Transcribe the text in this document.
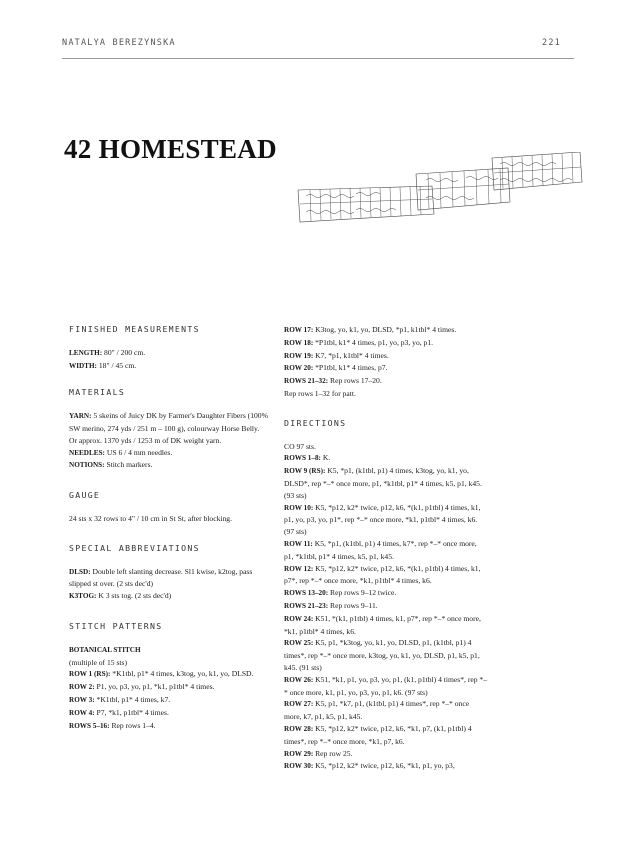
NATALYA BEREZYNSKA	221
42 HOMESTEAD
FINISHED MEASUREMENTS

LENGTH: 80" / 200 cm.

WIDTH: 18" / 45 cm.

MATERIALS

YARN: 5 skeins of Juicy DK by Farmer's Daughter Fibers (100% SW merino, 274 yds / 251 m – 100 g), colourway Horse Belly. Or approx. 1370 yds / 1253 m of DK weight yarn.

NEEDLES: US 6 / 4 mm needles.

NOTIONS: Stitch markers.

GAUGE

24 sts x 32 rows to 4" / 10 cm in St St, after blocking.

SPECIAL ABBREVIATIONS

DLSD: Double left slanting decrease. Sl1 kwise, k2tog, pass slipped st over. (2 sts dec'd)

K3TOG: K 3 sts tog. (2 sts dec'd)

STITCH PATTERNS

BOTANICAL STITCH

(multiple of 15 sts)

ROW 1 (RS): *K1tbl, p1* 4 times, k3tog, yo, k1, yo, DLSD.

ROW 2: P1, yo, p3, yo, p1, *k1, p1tbl* 4 times.

ROW 3: *K1tbl, p1* 4 times, k7.

ROW 4: P7, *k1, p1tbl* 4 times.

ROWS 5–16: Rep rows 1–4.

ROW 17: K3tog, yo, k1, yo, DLSD, *p1, k1tbl* 4 times.

ROW 18: *P1tbl, k1* 4 times, p1, yo, p3, yo, p1.

ROW 19: K7, *p1, k1tbl* 4 times.

ROW 20: *P1tbl, k1* 4 times, p7.

ROWS 21–32: Rep rows 17–20.

Rep rows 1–32 for patt.

DIRECTIONS

CO 97 sts.

ROWS 1–8: K.

ROW 9 (RS): K5, *p1, (k1tbl, p1) 4 times, k3tog, yo, k1, yo, DLSD*, rep *–* once more, p1, *k1tbl, p1* 4 times, k5, p1, k45. (93 sts)

ROW 10: K5, *p12, k2* twice, p12, k6, *(k1, p1tbl) 4 times, k1, p1, yo, p3, yo, p1*, rep *–* once more, *k1, p1tbl* 4 times, k6. (97 sts)

ROW 11: K5, *p1, (k1tbl, p1) 4 times, k7*, rep *–* once more, p1, *k1tbl, p1* 4 times, k5, p1, k45.

ROW 12: K5, *p12, k2* twice, p12, k6, *(k1, p1tbl) 4 times, k1, p7*, rep *–* once more, *k1, p1tbl* 4 times, k6.

ROWS 13–20: Rep rows 9–12 twice.

ROWS 21–23: Rep rows 9–11.

ROW 24: K51, *(k1, p1tbl) 4 times, k1, p7*, rep *–* once more, *k1, p1tbl* 4 times, k6.

ROW 25: K5, p1, *k3tog, yo, k1, yo, DLSD, p1, (k1tbl, p1) 4 times*, rep *–* once more, k3tog, yo, k1, yo, DLSD, p1, k5, p1, k45. (91 sts)

ROW 26: K51, *k1, p1, yo, p3, yo, p1, (k1, p1tbl) 4 times*, rep *–* once more, k1, p1, yo, p3, yo, p1, k6. (97 sts)

ROW 27: K5, p1, *k7, p1, (k1tbl, p1) 4 times*, rep *–* once more, k7, p1, k5, p1, k45.

ROW 28: K5, *p12, k2* twice, p12, k6, *k1, p7, (k1, p1tbl) 4 times*, rep *–* once more, *k1, p7, k6.

ROW 29: Rep row 25.

ROW 30: K5, *p12, k2* twice, p12, k6, *k1, p1, yo, p3,
